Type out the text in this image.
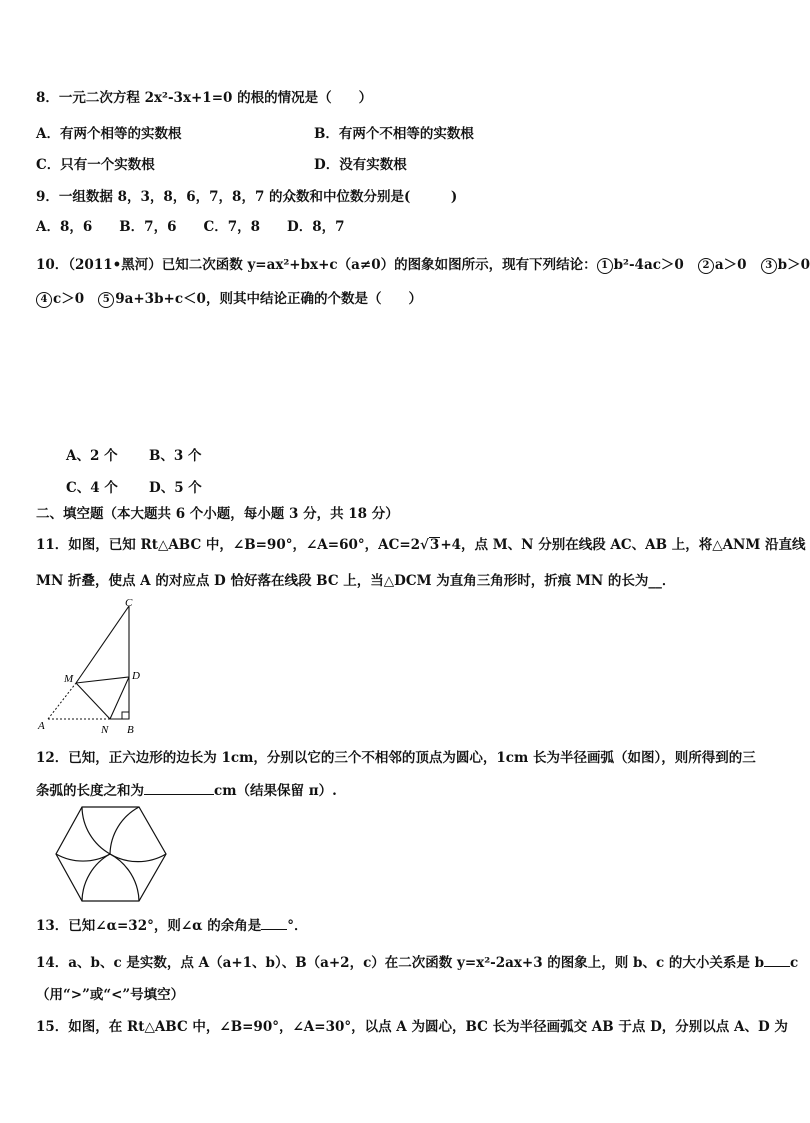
8．一元二次方程 2x²-3x+1=0 的根的情况是（　　）
A．有两个相等的实数根	B．有两个不相等的实数根
C．只有一个实数根	D．没有实数根
9．一组数据 8，3，8，6，7，8，7 的众数和中位数分别是(　　　)
A．8，6　　B．7，6　　C．7，8　　D．8，7
10．（2011•黑河）已知二次函数 y=ax²+bx+c（a≠0）的图象如图所示，现有下列结论： 1 b²-4ac＞0 2 a＞0 3 b＞0
4 c＞0 5 9a+3b+c＜0，则其中结论正确的个数是（　　）
A、2 个 B、3 个
C、4 个 D、5 个
二、填空题（本大题共 6 个小题，每小题 3 分，共 18 分）
11．如图，已知 Rt△ABC 中，∠B=90°，∠A=60°，AC=2√3+4，点 M、N 分别在线段 AC、AB 上，将△ANM 沿直线
MN 折叠，使点 A 的对应点 D 恰好落在线段 BC 上，当△DCM 为直角三角形时，折痕 MN 的长为__．
C
M	D
A	N B
12．已知，正六边形的边长为 1cm，分别以它的三个不相邻的顶点为圆心，1cm 长为半径画弧（如图），则所得到的三
条弧的长度之和为	cm（结果保留 π）.
13．已知∠α=32°，则∠α 的余角是 °．
14．a、b、c 是实数，点 A（a+1、b）、B（a+2，c）在二次函数 y=x²-2ax+3 的图象上，则 b、c 的大小关系是 b c
（用“>”或“<”号填空）
15．如图，在 Rt△ABC 中，∠B=90°，∠A=30°，以点 A 为圆心，BC 长为半径画弧交 AB 于点 D，分别以点 A、D 为
